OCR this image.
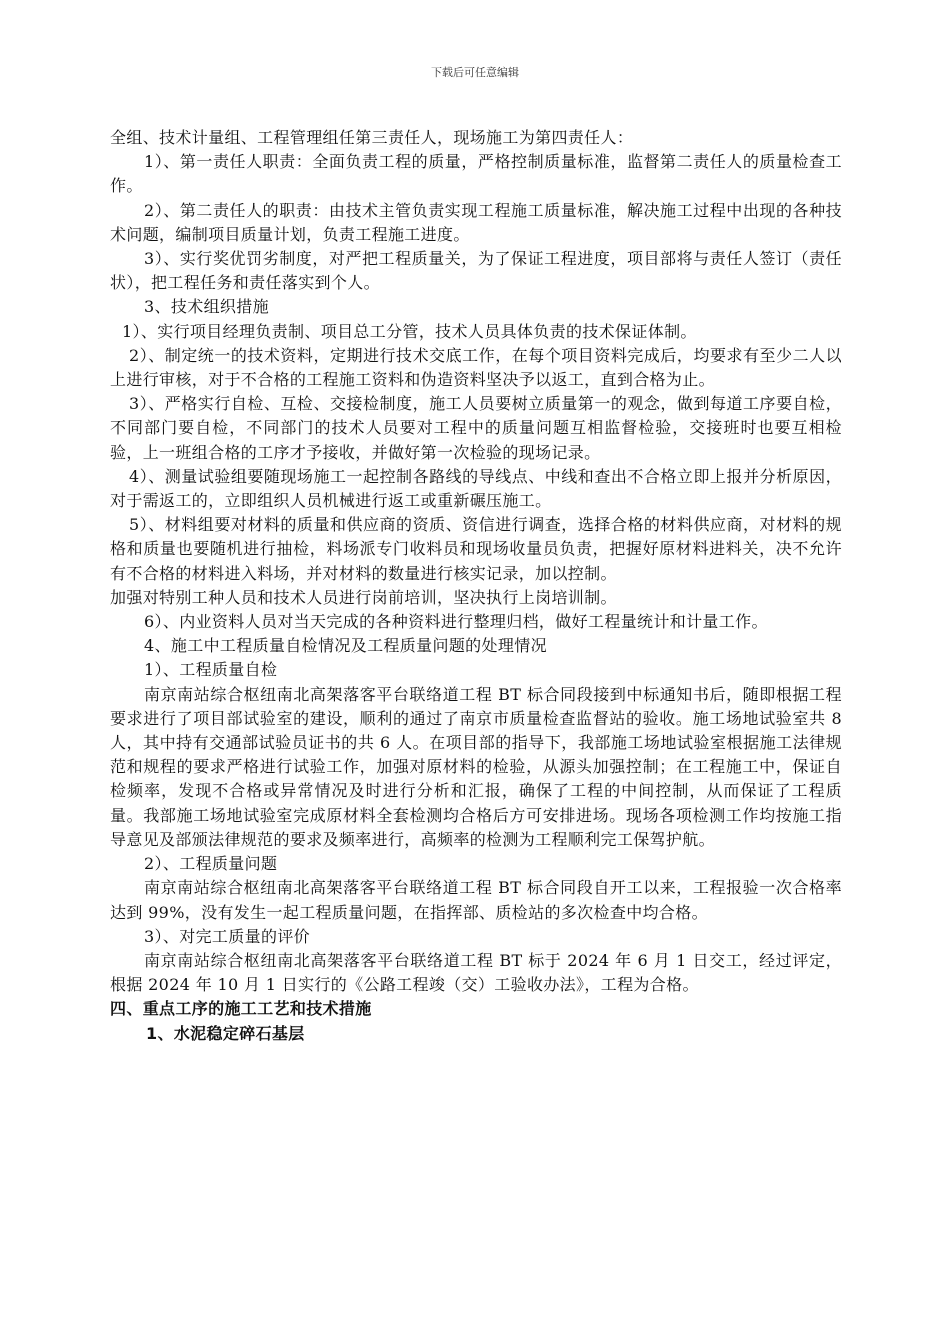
下载后可任意编辑

全组、技术计量组、工程管理组任第三责任人，现场施工为第四责任人：

1）、第一责任人职责：全面负责工程的质量，严格控制质量标准，监督第二责任人的质量检查工作。

2）、第二责任人的职责：由技术主管负责实现工程施工质量标准，解决施工过程中出现的各种技术问题，编制项目质量计划，负责工程施工进度。

3）、实行奖优罚劣制度，对严把工程质量关，为了保证工程进度，项目部将与责任人签订（责任状），把工程任务和责任落实到个人。

3、技术组织措施

1）、实行项目经理负责制、项目总工分管，技术人员具体负责的技术保证体制。

2）、制定统一的技术资料，定期进行技术交底工作，在每个项目资料完成后，均要求有至少二人以上进行审核，对于不合格的工程施工资料和伪造资料坚决予以返工，直到合格为止。

3）、严格实行自检、互检、交接检制度，施工人员要树立质量第一的观念，做到每道工序要自检，不同部门要自检，不同部门的技术人员要对工程中的质量问题互相监督检验，交接班时也要互相检验，上一班组合格的工序才予接收，并做好第一次检验的现场记录。

4）、测量试验组要随现场施工一起控制各路线的导线点、中线和查出不合格立即上报并分析原因，对于需返工的，立即组织人员机械进行返工或重新碾压施工。

5）、材料组要对材料的质量和供应商的资质、资信进行调查，选择合格的材料供应商，对材料的规格和质量也要随机进行抽检，料场派专门收料员和现场收量员负责，把握好原材料进料关，决不允许有不合格的材料进入料场，并对材料的数量进行核实记录，加以控制。

加强对特别工种人员和技术人员进行岗前培训，坚决执行上岗培训制。

6）、内业资料人员对当天完成的各种资料进行整理归档，做好工程量统计和计量工作。

4、施工中工程质量自检情况及工程质量问题的处理情况

1）、工程质量自检

南京南站综合枢纽南北高架落客平台联络道工程 BT 标合同段接到中标通知书后，随即根据工程要求进行了项目部试验室的建设，顺利的通过了南京市质量检查监督站的验收。施工场地试验室共 8 人，其中持有交通部试验员证书的共 6 人。在项目部的指导下，我部施工场地试验室根据施工法律规范和规程的要求严格进行试验工作，加强对原材料的检验，从源头加强控制；在工程施工中，保证自检频率，发现不合格或异常情况及时进行分析和汇报，确保了工程的中间控制，从而保证了工程质量。我部施工场地试验室完成原材料全套检测均合格后方可安排进场。现场各项检测工作均按施工指导意见及部颁法律规范的要求及频率进行，高频率的检测为工程顺利完工保驾护航。

2）、工程质量问题

南京南站综合枢纽南北高架落客平台联络道工程 BT 标合同段自开工以来，工程报验一次合格率达到 99%，没有发生一起工程质量问题，在指挥部、质检站的多次检查中均合格。

3）、对完工质量的评价

南京南站综合枢纽南北高架落客平台联络道工程 BT 标于 2024 年 6 月 1 日交工，经过评定，根据 2024 年 10 月 1 日实行的《公路工程竣（交）工验收办法》，工程为合格。

四、重点工序的施工工艺和技术措施

1、水泥稳定碎石基层
